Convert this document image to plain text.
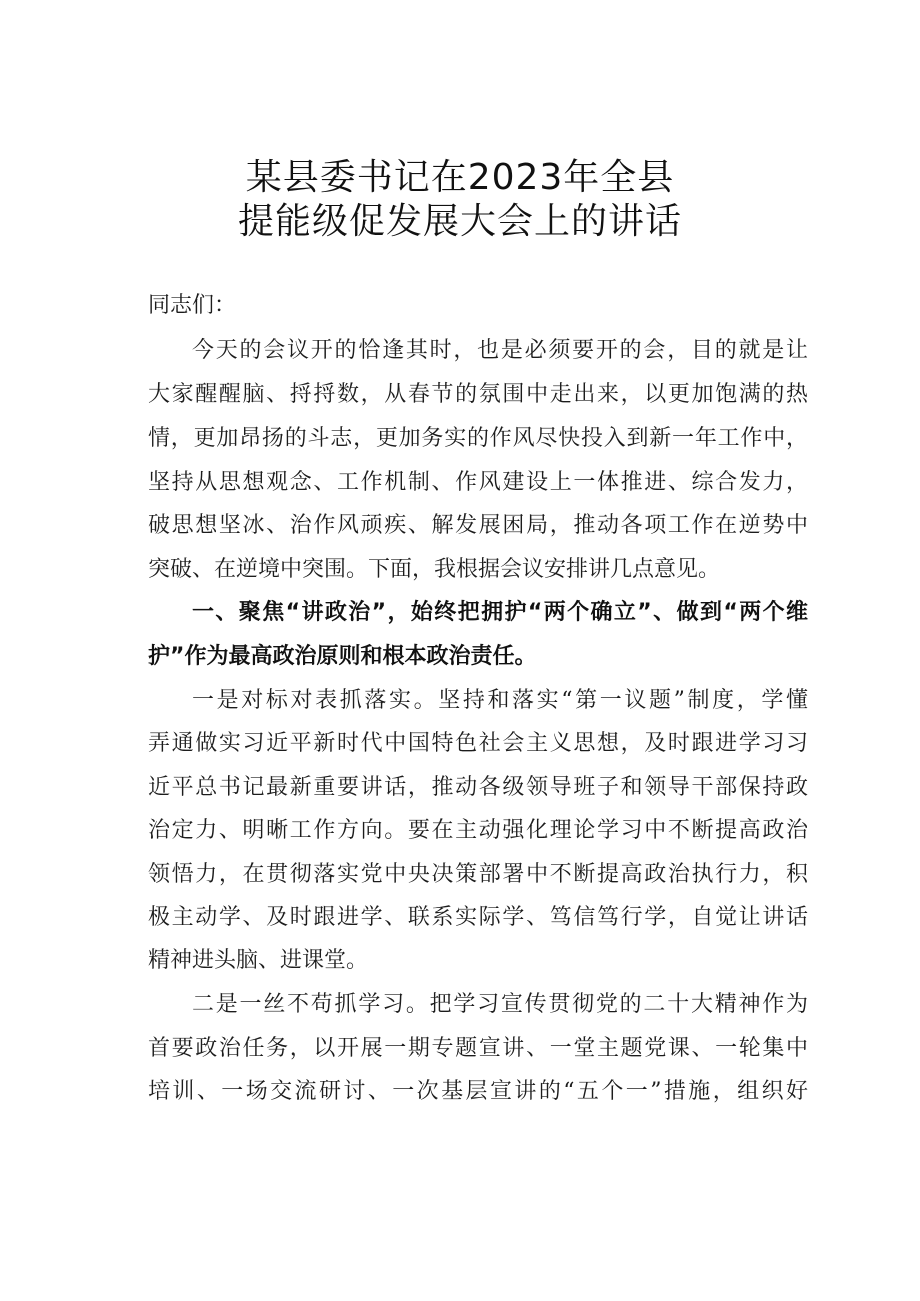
某县委书记在2023年全县
提能级促发展大会上的讲话
同志们：
今天的会议开的恰逢其时，也是必须要开的会，目的就是让
大家醒醒脑、捋捋数，从春节的氛围中走出来，以更加饱满的热
情，更加昂扬的斗志，更加务实的作风尽快投入到新一年工作中，
坚持从思想观念、工作机制、作风建设上一体推进、综合发力，
破思想坚冰、治作风顽疾、解发展困局，推动各项工作在逆势中
突破、在逆境中突围。下面，我根据会议安排讲几点意见。
一、聚焦“讲政治”，始终把拥护“两个确立”、做到“两个维
护”作为最高政治原则和根本政治责任。
一是对标对表抓落实。坚持和落实“第一议题”制度，学懂
弄通做实习近平新时代中国特色社会主义思想，及时跟进学习习
近平总书记最新重要讲话，推动各级领导班子和领导干部保持政
治定力、明晰工作方向。要在主动强化理论学习中不断提高政治
领悟力，在贯彻落实党中央决策部署中不断提高政治执行力，积
极主动学、及时跟进学、联系实际学、笃信笃行学，自觉让讲话
精神进头脑、进课堂。
二是一丝不苟抓学习。把学习宣传贯彻党的二十大精神作为
首要政治任务，以开展一期专题宣讲、一堂主题党课、一轮集中
培训、一场交流研讨、一次基层宣讲的“五个一”措施，组织好
